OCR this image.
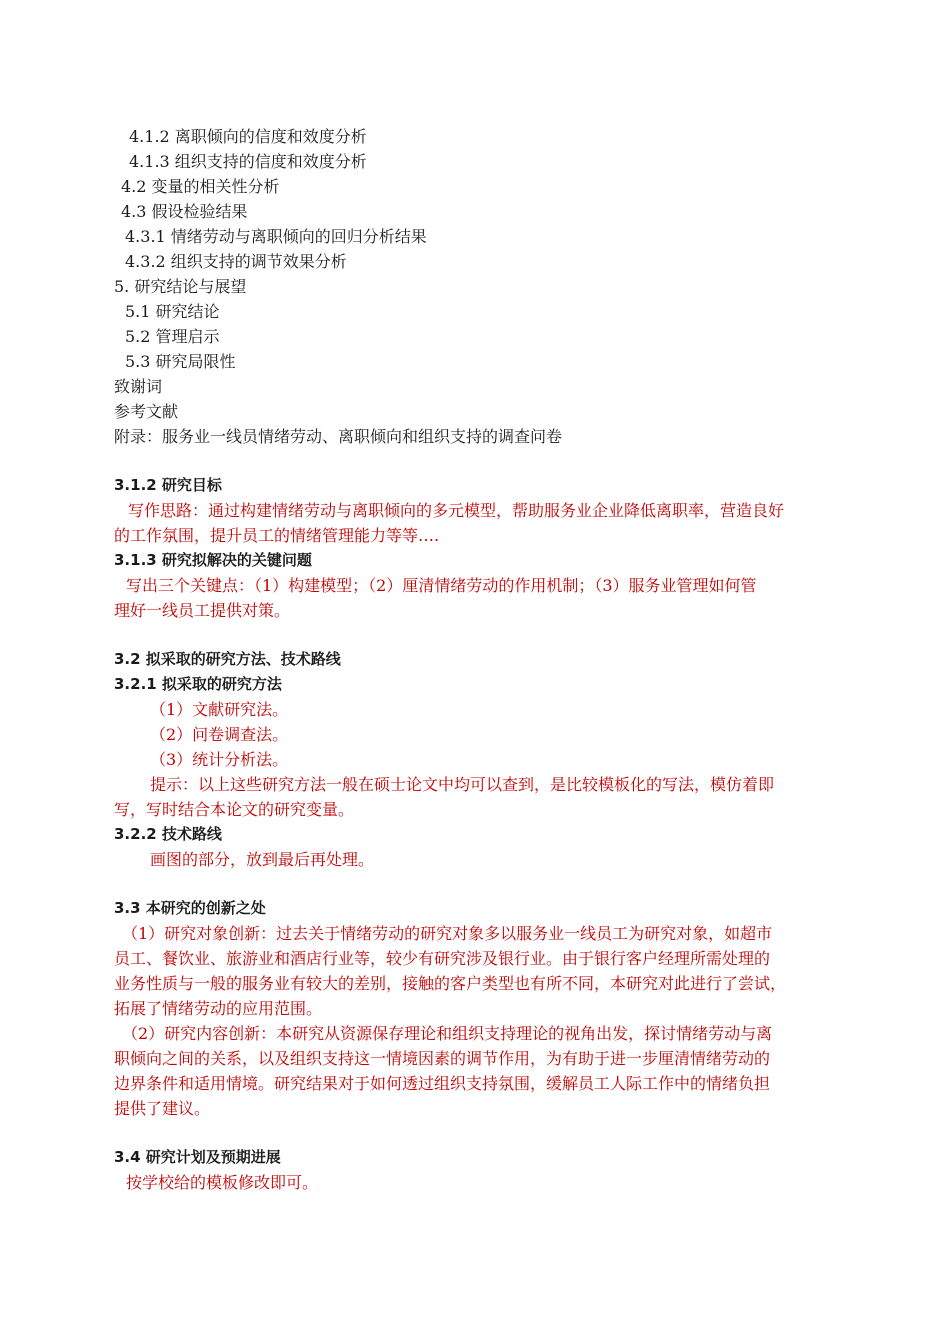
4.1.2 离职倾向的信度和效度分析
4.1.3 组织支持的信度和效度分析
4.2 变量的相关性分析
4.3 假设检验结果
4.3.1 情绪劳动与离职倾向的回归分析结果
4.3.2 组织支持的调节效果分析
5. 研究结论与展望
5.1 研究结论
5.2 管理启示
5.3 研究局限性
致谢词
参考文献
附录：服务业一线员情绪劳动、离职倾向和组织支持的调查问卷
3.1.2 研究目标
写作思路：通过构建情绪劳动与离职倾向的多元模型，帮助服务业企业降低离职率，营造良好
的工作氛围，提升员工的情绪管理能力等等….
3.1.3 研究拟解决的关键问题
写出三个关键点：（1）构建模型；（2）厘清情绪劳动的作用机制；（3）服务业管理如何管
理好一线员工提供对策。
3.2 拟采取的研究方法、技术路线
3.2.1 拟采取的研究方法
（1）文献研究法。
（2）问卷调查法。
（3）统计分析法。
提示：以上这些研究方法一般在硕士论文中均可以查到，是比较模板化的写法，模仿着即
写，写时结合本论文的研究变量。
3.2.2 技术路线
画图的部分，放到最后再处理。
3.3 本研究的创新之处
（1）研究对象创新：过去关于情绪劳动的研究对象多以服务业一线员工为研究对象，如超市
员工、餐饮业、旅游业和酒店行业等，较少有研究涉及银行业。由于银行客户经理所需处理的
业务性质与一般的服务业有较大的差别，接触的客户类型也有所不同，本研究对此进行了尝试，
拓展了情绪劳动的应用范围。
（2）研究内容创新：本研究从资源保存理论和组织支持理论的视角出发，探讨情绪劳动与离
职倾向之间的关系，以及组织支持这一情境因素的调节作用，为有助于进一步厘清情绪劳动的
边界条件和适用情境。研究结果对于如何透过组织支持氛围，缓解员工人际工作中的情绪负担
提供了建议。
3.4 研究计划及预期进展
按学校给的模板修改即可。
